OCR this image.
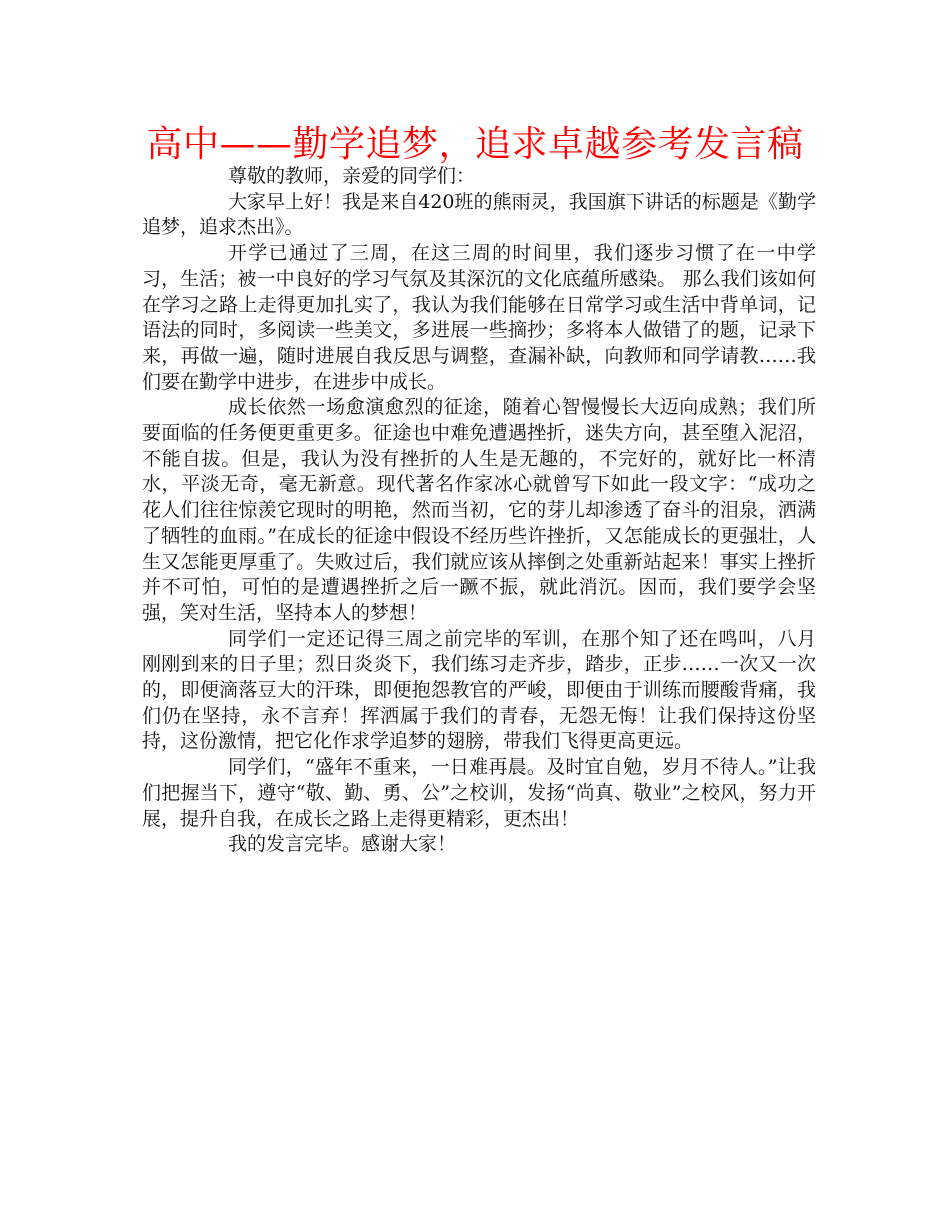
高中——勤学追梦，追求卓越参考发言稿

尊敬的教师，亲爱的同学们：

大家早上好！我是来自420班的熊雨灵，我国旗下讲话的标题是《勤学追梦，追求杰出》。

开学已通过了三周，在这三周的时间里，我们逐步习惯了在一中学习，生活；被一中良好的学习气氛及其深沉的文化底蕴所感染。 那么我们该如何在学习之路上走得更加扎实了，我认为我们能够在日常学习或生活中背单词，记语法的同时，多阅读一些美文，多进展一些摘抄；多将本人做错了的题，记录下来，再做一遍，随时进展自我反思与调整，查漏补缺，向教师和同学请教……我们要在勤学中进步，在进步中成长。

成长依然一场愈演愈烈的征途，随着心智慢慢长大迈向成熟；我们所要面临的任务便更重更多。征途也中难免遭遇挫折，迷失方向，甚至堕入泥沼，不能自拔。但是，我认为没有挫折的人生是无趣的，不完好的，就好比一杯清水，平淡无奇，毫无新意。现代著名作家冰心就曾写下如此一段文字：“成功之花人们往往惊羡它现时的明艳，然而当初，它的芽儿却渗透了奋斗的泪泉，洒满了牺牲的血雨。”在成长的征途中假设不经历些许挫折，又怎能成长的更强壮，人生又怎能更厚重了。失败过后，我们就应该从摔倒之处重新站起来！事实上挫折并不可怕，可怕的是遭遇挫折之后一蹶不振，就此消沉。因而，我们要学会坚强，笑对生活，坚持本人的梦想！

同学们一定还记得三周之前完毕的军训，在那个知了还在鸣叫，八月刚刚到来的日子里；烈日炎炎下，我们练习走齐步，踏步，正步……一次又一次的，即便滴落豆大的汗珠，即便抱怨教官的严峻，即便由于训练而腰酸背痛，我们仍在坚持，永不言弃！挥洒属于我们的青春，无怨无悔！让我们保持这份坚持，这份激情，把它化作求学追梦的翅膀，带我们飞得更高更远。

同学们，“盛年不重来，一日难再晨。及时宜自勉，岁月不待人。”让我们把握当下，遵守“敬、勤、勇、公”之校训，发扬“尚真、敬业”之校风，努力开展，提升自我，在成长之路上走得更精彩，更杰出！

我的发言完毕。感谢大家！
